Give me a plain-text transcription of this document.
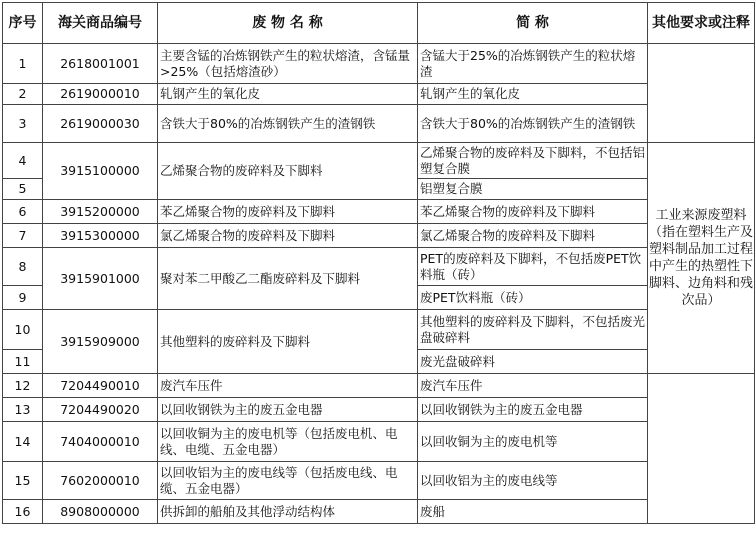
序号	海关商品编号	废 物 名 称	简 称	其他要求或注释
1	2618001001	主要含锰的冶炼钢铁产生的粒状熔渣，含锰量>25%（包括熔渣砂）	含锰大于25%的冶炼钢铁产生的粒状熔渣	
2	2619000010	轧钢产生的氧化皮	轧钢产生的氧化皮	
3	2619000030	含铁大于80%的冶炼钢铁产生的渣钢铁	含铁大于80%的冶炼钢铁产生的渣钢铁	
4	3915100000	乙烯聚合物的废碎料及下脚料	乙烯聚合物的废碎料及下脚料，不包括铝塑复合膜	工业来源废塑料（指在塑料生产及塑料制品加工过程中产生的热塑性下脚料、边角料和残次品）
5			铝塑复合膜	
6	3915200000	苯乙烯聚合物的废碎料及下脚料	苯乙烯聚合物的废碎料及下脚料	
7	3915300000	氯乙烯聚合物的废碎料及下脚料	氯乙烯聚合物的废碎料及下脚料	
8	3915901000	聚对苯二甲酸乙二酯废碎料及下脚料	PET的废碎料及下脚料，不包括废PET饮料瓶（砖）	
9			废PET饮料瓶（砖）	
10	3915909000	其他塑料的废碎料及下脚料	其他塑料的废碎料及下脚料，不包括废光盘破碎料	
11			废光盘破碎料	
12	7204490010	废汽车压件	废汽车压件	
13	7204490020	以回收钢铁为主的废五金电器	以回收钢铁为主的废五金电器	
14	7404000010	以回收铜为主的废电机等（包括废电机、电线、电缆、五金电器）	以回收铜为主的废电机等	
15	7602000010	以回收铝为主的废电线等（包括废电线、电缆、五金电器）	以回收铝为主的废电线等	
16	8908000000	供拆卸的船舶及其他浮动结构体	废船	
